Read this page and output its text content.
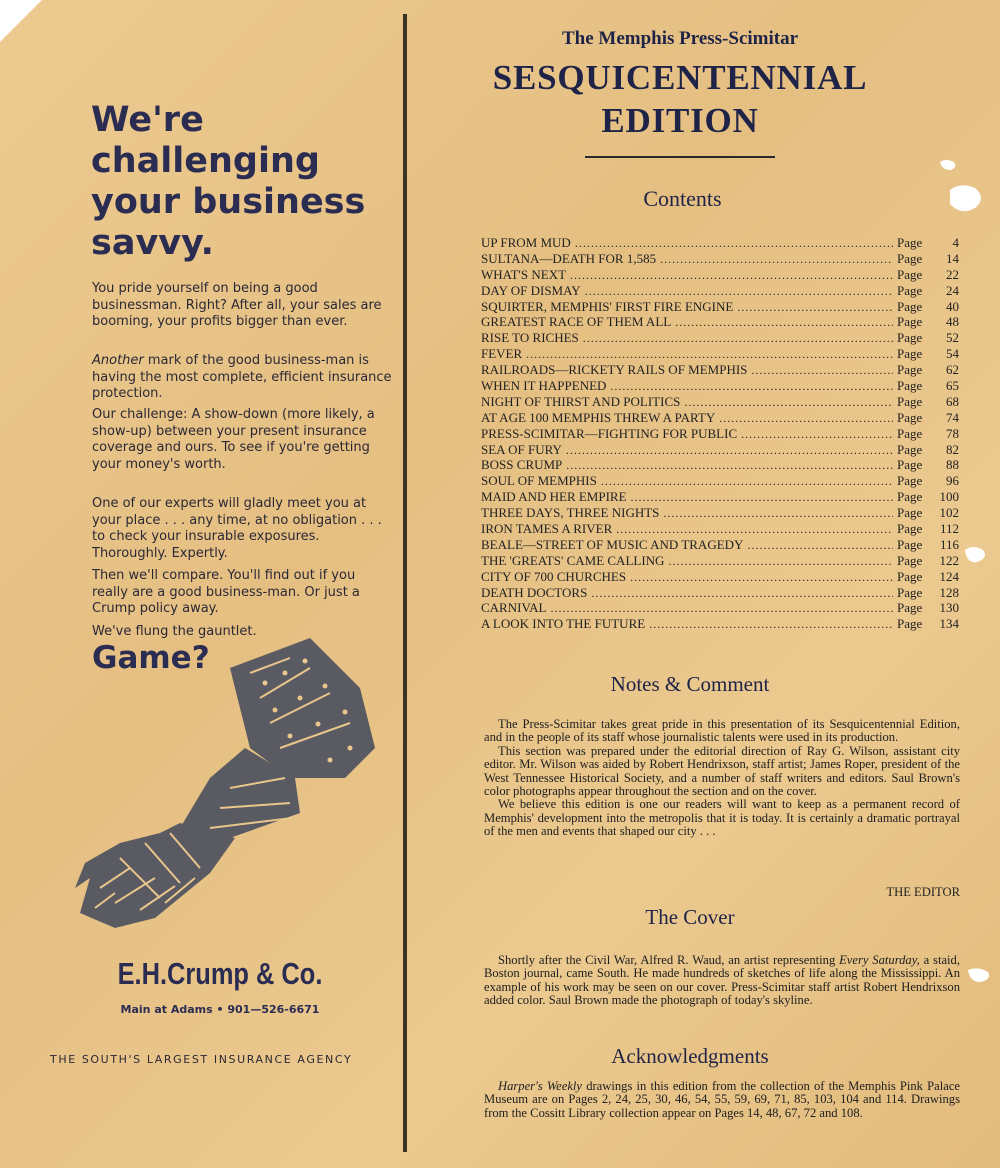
We're
challenging
your business
savvy.
You pride yourself on being a good businessman. Right? After all, your sales are booming, your profits bigger than ever.
Another mark of the good business-man is having the most complete, efficient insurance protection.
Our challenge: A show-down (more likely, a show-up) between your present insurance coverage and ours. To see if you're getting your money's worth.
One of our experts will gladly meet you at your place . . . any time, at no obligation . . . to check your insurable exposures. Thoroughly. Expertly.
Then we'll compare. You'll find out if you really are a good business-man. Or just a Crump policy away.
We've flung the gauntlet.
Game?
E.H.Crump & Co.
Main at Adams • 901—526-6671
THE SOUTH'S LARGEST INSURANCE AGENCY
The Memphis Press-Scimitar
SESQUICENTENNIAL
EDITION
Contents
UP FROM MUD . . .	Page	4
SULTANA—DEATH FOR 1,585 . . .	Page	14
WHAT'S NEXT . . .	Page	22
DAY OF DISMAY . . .	Page	24
SQUIRTER, MEMPHIS' FIRST FIRE ENGINE . . .	Page	40
GREATEST RACE OF THEM ALL . . .	Page	48
RISE TO RICHES . . .	Page	52
FEVER . . .	Page	54
RAILROADS—RICKETY RAILS OF MEMPHIS . . .	Page	62
WHEN IT HAPPENED . . .	Page	65
NIGHT OF THIRST AND POLITICS . . .	Page	68
AT AGE 100 MEMPHIS THREW A PARTY . . .	Page	74
PRESS-SCIMITAR—FIGHTING FOR PUBLIC . . .	Page	78
SEA OF FURY . . .	Page	82
BOSS CRUMP . . .	Page	88
SOUL OF MEMPHIS . . .	Page	96
MAID AND HER EMPIRE . . .	Page	100
THREE DAYS, THREE NIGHTS . . .	Page	102
IRON TAMES A RIVER . . .	Page	112
BEALE—STREET OF MUSIC AND TRAGEDY . . .	Page	116
THE 'GREATS' CAME CALLING . . .	Page	122
CITY OF 700 CHURCHES . . .	Page	124
DEATH DOCTORS . . .	Page	128
CARNIVAL . . .	Page	130
A LOOK INTO THE FUTURE . . .	Page	134
Notes & Comment

The Press-Scimitar takes great pride in this presentation of its Sesquicentennial Edition, and in the people of its staff whose journalistic talents were used in its production.

This section was prepared under the editorial direction of Ray G. Wilson, assistant city editor. Mr. Wilson was aided by Robert Hendrixson, staff artist; James Roper, president of the West Tennessee Historical Society, and a number of staff writers and editors. Saul Brown's color photographs appear throughout the section and on the cover.

We believe this edition is one our readers will want to keep as a permanent record of Memphis' development into the metropolis that it is today. It is certainly a dramatic portrayal of the men and events that shaped our city . . .

THE EDITOR
The Cover

Shortly after the Civil War, Alfred R. Waud, an artist representing Every Saturday, a staid, Boston journal, came South. He made hundreds of sketches of life along the Mississippi. An example of his work may be seen on our cover. Press-Scimitar staff artist Robert Hendrixson added color. Saul Brown made the photograph of today's skyline.

Acknowledgments

Harper's Weekly drawings in this edition from the collection of the Memphis Pink Palace Museum are on Pages 2, 24, 25, 30, 46, 54, 55, 59, 69, 71, 85, 103, 104 and 114. Drawings from the Cossitt Library collection appear on Pages 14, 48, 67, 72 and 108.
